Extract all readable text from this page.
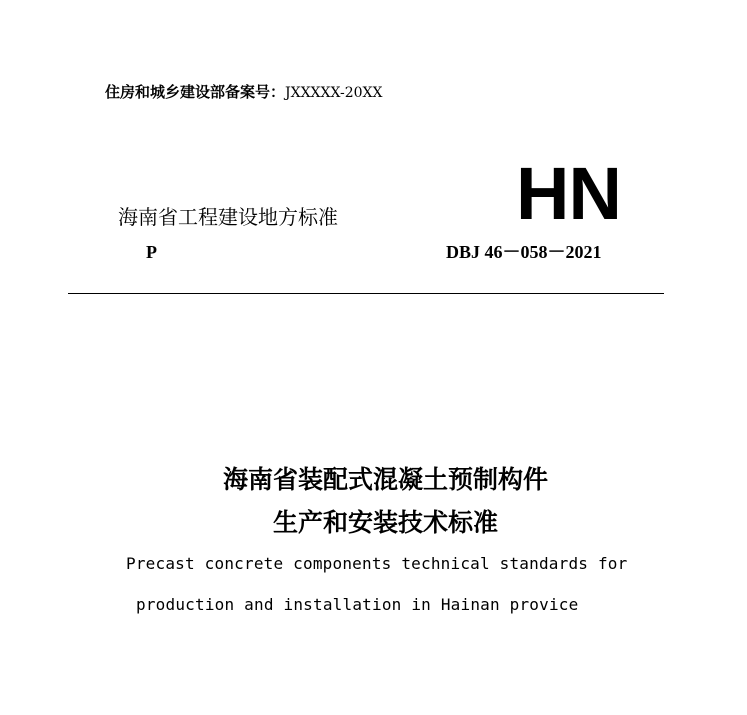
住房和城乡建设部备案号：JXXXXX-20XX
海南省工程建设地方标准 HN
P	DBJ 46－058－2021
海南省装配式混凝土预制构件
生产和安装技术标准
Precast concrete components technical standards for
production and installation in Hainan provice
